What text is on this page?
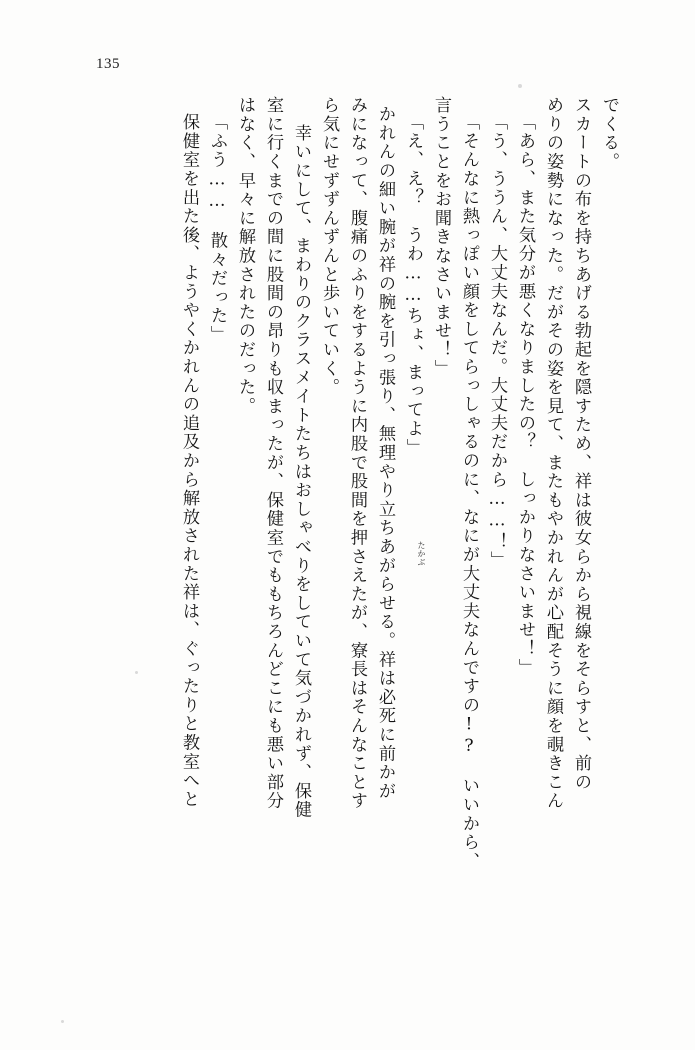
135
でくる。
スカートの布を持ちあげる勃起を隠すため、祥は彼女らから視線をそらすと、前の
めりの姿勢になった。だがその姿を見て、またもやかれんが心配そうに顔を覗きこん
「あら、また気分が悪くなりましたの？　しっかりなさいませ！」
「う、ううん、大丈夫なんだ。大丈夫だから……！」
「そんなに熱っぽい顔をしてらっしゃるのに、なにが大丈夫なんですの!?　いいから、
言うことをお聞きなさいませ！」
「え、え？　うわ……ちょ、まってよ」
かれんの細い腕が祥の腕を引っ張り、無理やり立ちあがらせる。祥は必死に前かが
みになって、腹痛のふりをするように内股で股間を押さえたが、寮長はそんなことす
ら気にせずずんずんと歩いていく。
　幸いにして、まわりのクラスメイトたちはおしゃべりをしていて気づかれず、保健
室に行くまでの間に股間の昂りも収まったが、保健室でももちろんどこにも悪い部分
はなく、早々に解放されたのだった。
「ふう……　散々だった」
保健室を出た後、ようやくかれんの追及から解放された祥は、ぐったりと教室へと	たかぶ
